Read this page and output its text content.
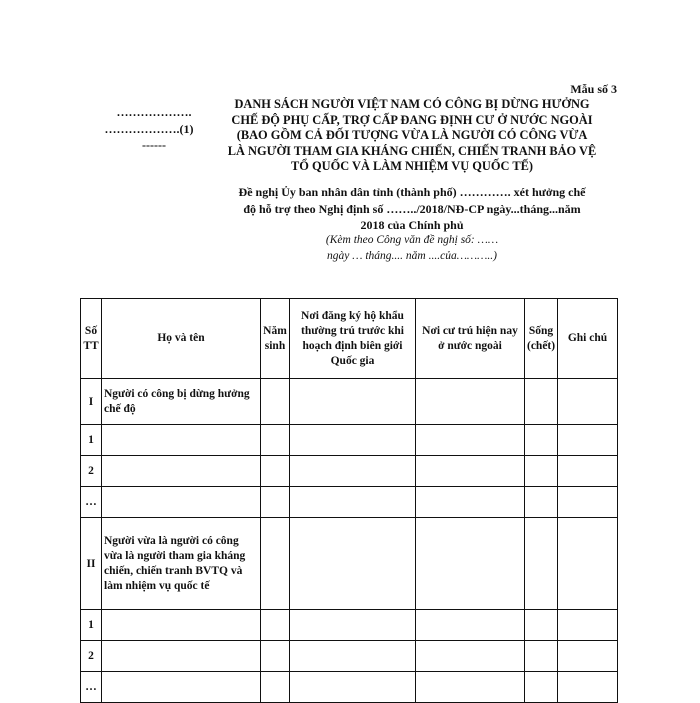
Mẫu số 3
……………….
……………….(1)
------
DANH SÁCH NGƯỜI VIỆT NAM CÓ CÔNG BỊ DỪNG HƯỞNG
CHẾ ĐỘ PHỤ CẤP, TRỢ CẤP ĐANG ĐỊNH CƯ Ở NƯỚC NGOÀI
(BAO GỒM CẢ ĐỐI TƯỢNG VỪA LÀ NGƯỜI CÓ CÔNG VỪA
LÀ NGƯỜI THAM GIA KHÁNG CHIẾN, CHIẾN TRANH BẢO VỆ
TỔ QUỐC VÀ LÀM NHIỆM VỤ QUỐC TẾ)
Đề nghị Ủy ban nhân dân tỉnh (thành phố) …………. xét hưởng chế
độ hỗ trợ theo Nghị định số ……../2018/NĐ-CP ngày...tháng...năm
2018 của Chính phủ
(Kèm theo Công văn đề nghị số: ……
ngày … tháng.... năm ....của………..)
Số TT	Họ và tên	Năm sinh	Nơi đăng ký hộ khẩu thường trú trước khi hoạch định biên giới Quốc gia	Nơi cư trú hiện nay ở nước ngoài	Sống (chết)	Ghi chú
I	Người có công bị dừng hưởng chế độ					
1						
2						
…						
II	Người vừa là người có công vừa là người tham gia kháng chiến, chiến tranh BVTQ và làm nhiệm vụ quốc tế					
1						
2						
…						
